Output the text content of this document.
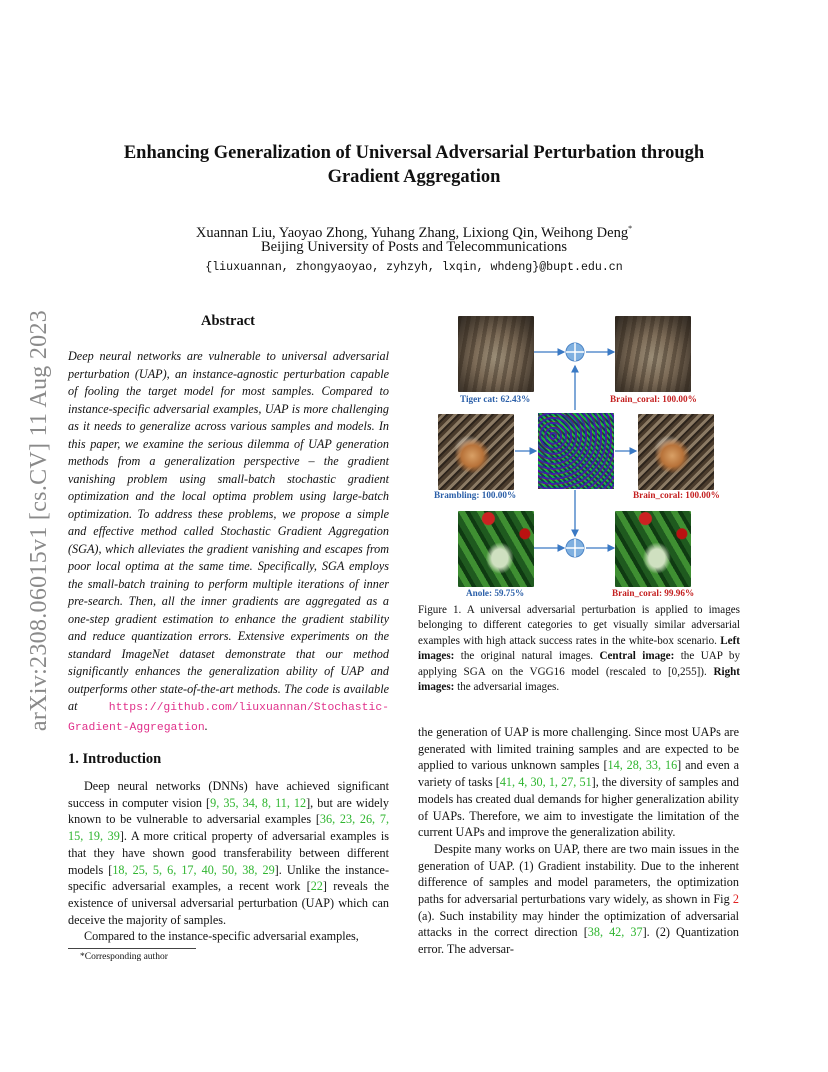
arXiv:2308.06015v1 [cs.CV] 11 Aug 2023
Enhancing Generalization of Universal Adversarial Perturbation through
Gradient Aggregation
Xuannan Liu, Yaoyao Zhong, Yuhang Zhang, Lixiong Qin, Weihong Deng*
Beijing University of Posts and Telecommunications
{liuxuannan, zhongyaoyao, zyhzyh, lxqin, whdeng}@bupt.edu.cn
Abstract
Deep neural networks are vulnerable to universal adversarial perturbation (UAP), an instance-agnostic perturbation capable of fooling the target model for most samples. Compared to instance-specific adversarial examples, UAP is more challenging as it needs to generalize across various samples and models. In this paper, we examine the serious dilemma of UAP generation methods from a generalization perspective – the gradient vanishing problem using small-batch stochastic gradient optimization and the local optima problem using large-batch optimization. To address these problems, we propose a simple and effective method called Stochastic Gradient Aggregation (SGA), which alleviates the gradient vanishing and escapes from poor local optima at the same time. Specifically, SGA employs the small-batch training to perform multiple iterations of inner pre-search. Then, all the inner gradients are aggregated as a one-step gradient estimation to enhance the gradient stability and reduce quantization errors. Extensive experiments on the standard ImageNet dataset demonstrate that our method significantly enhances the generalization ability of UAP and outperforms other state-of-the-art methods. The code is available at	https://github.com/liuxuannan/Stochastic-Gradient-Aggregation.
1. Introduction

Deep neural networks (DNNs) have achieved significant success in computer vision [9, 35, 34, 8, 11, 12], but are widely known to be vulnerable to adversarial examples [36, 23, 26, 7, 15, 19, 39]. A more critical property of adversarial examples is that they have shown good transferability between different models [18, 25, 5, 6, 17, 40, 50, 38, 29]. Unlike the instance-specific adversarial examples, a recent work [22] reveals the existence of universal adversarial perturbation (UAP) which can deceive the majority of samples.

Compared to the instance-specific adversarial examples,

*Corresponding author
Tiger cat: 62.43%	Brain_coral: 100.00%
Brambling: 100.00%	Brain_coral: 100.00%
Anole: 59.75%	Brain_coral: 99.96%
Figure 1. A universal adversarial perturbation is applied to images belonging to different categories to get visually similar adversarial examples with high attack success rates in the white-box scenario. Left images: the original natural images. Central image: the UAP by applying SGA on the VGG16 model (rescaled to [0,255]). Right images: the adversarial images.

the generation of UAP is more challenging. Since most UAPs are generated with limited training samples and are expected to be applied to various unknown samples [14, 28, 33, 16] and even a variety of tasks [41, 4, 30, 1, 27, 51], the diversity of samples and models has created dual demands for higher generalization ability of UAPs. Therefore, we aim to investigate the limitation of the current UAPs and improve the generalization ability.

Despite many works on UAP, there are two main issues in the generation of UAP. (1) Gradient instability. Due to the inherent difference of samples and model parameters, the optimization paths for adversarial perturbations vary widely, as shown in Fig 2 (a). Such instability may hinder the optimization of adversarial attacks in the correct direction [38, 42, 37]. (2) Quantization error. The adversar-
